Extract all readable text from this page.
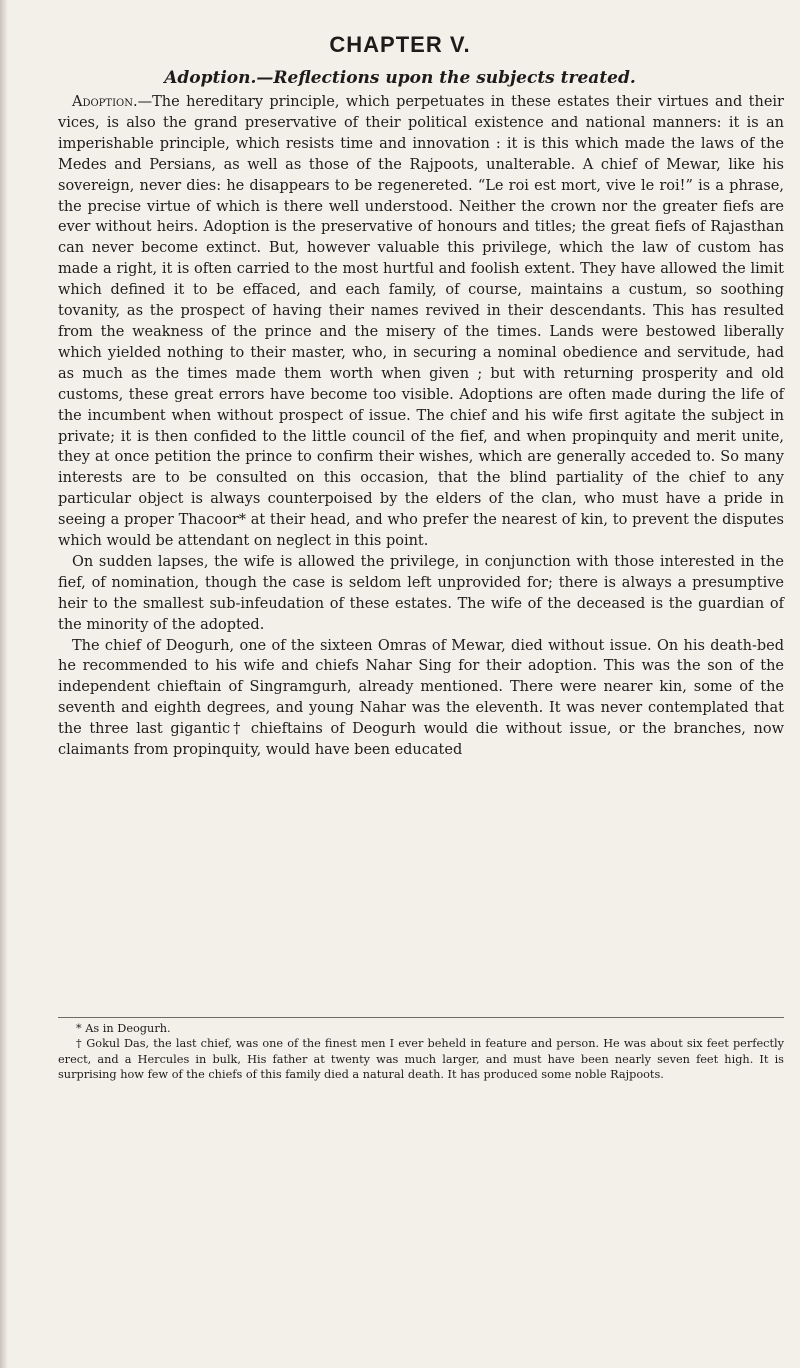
CHAPTER V.
Adoption.—Reflections upon the subjects treated.

Adoption.—The hereditary principle, which perpetuates in these estates their virtues and their vices, is also the grand preservative of their political existence and national manners: it is an imperishable principle, which resists time and innovation : it is this which made the laws of the Medes and Persians, as well as those of the Rajpoots, unalterable. A chief of Mewar, like his sovereign, never dies: he disappears to be regenereted. “Le roi est mort, vive le roi!” is a phrase, the precise virtue of which is there well understood. Neither the crown nor the greater fiefs are ever without heirs. Adoption is the preservative of honours and titles; the great fiefs of Rajasthan can never become extinct. But, however valuable this privilege, which the law of custom has made a right, it is often carried to the most hurtful and foolish extent. They have allowed the limit which defined it to be effaced, and each family, of course, maintains a custum, so soothing tovanity, as the prospect of having their names revived in their descendants. This has resulted from the weakness of the prince and the misery of the times. Lands were bestowed liberally which yielded nothing to their master, who, in securing a nominal obedience and servitude, had as much as the times made them worth when given ; but with returning prosperity and old customs, these great errors have become too visible. Adoptions are often made during the life of the incumbent when without prospect of issue. The chief and his wife first agitate the subject in private; it is then confided to the little council of the fief, and when propinquity and merit unite, they at once petition the prince to confirm their wishes, which are generally acceded to. So many interests are to be consulted on this occasion, that the blind partiality of the chief to any particular object is always counterpoised by the elders of the clan, who must have a pride in seeing a proper Thacoor* at their head, and who prefer the nearest of kin, to prevent the disputes which would be attendant on neglect in this point.

On sudden lapses, the wife is allowed the privilege, in conjunction with those interested in the fief, of nomination, though the case is seldom left unprovided for; there is always a presumptive heir to the smallest sub-infeudation of these estates. The wife of the deceased is the guardian of the minority of the adopted.

The chief of Deogurh, one of the sixteen Omras of Mewar, died without issue. On his death-bed he recommended to his wife and chiefs Nahar Sing for their adoption. This was the son of the independent chieftain of Singramgurh, already mentioned. There were nearer kin, some of the seventh and eighth degrees, and young Nahar was the eleventh. It was never contemplated that the three last gigantic† chieftains of Deogurh would die without issue, or the branches, now claimants from propinquity, would have been educated

* As in Deogurh.

† Gokul Das, the last chief, was one of the finest men I ever beheld in feature and person. He was about six feet perfectly erect, and a Hercules in bulk, His father at twenty was much larger, and must have been nearly seven feet high. It is surprising how few of the chiefs of this family died a natural death. It has produced some noble Rajpoots.
